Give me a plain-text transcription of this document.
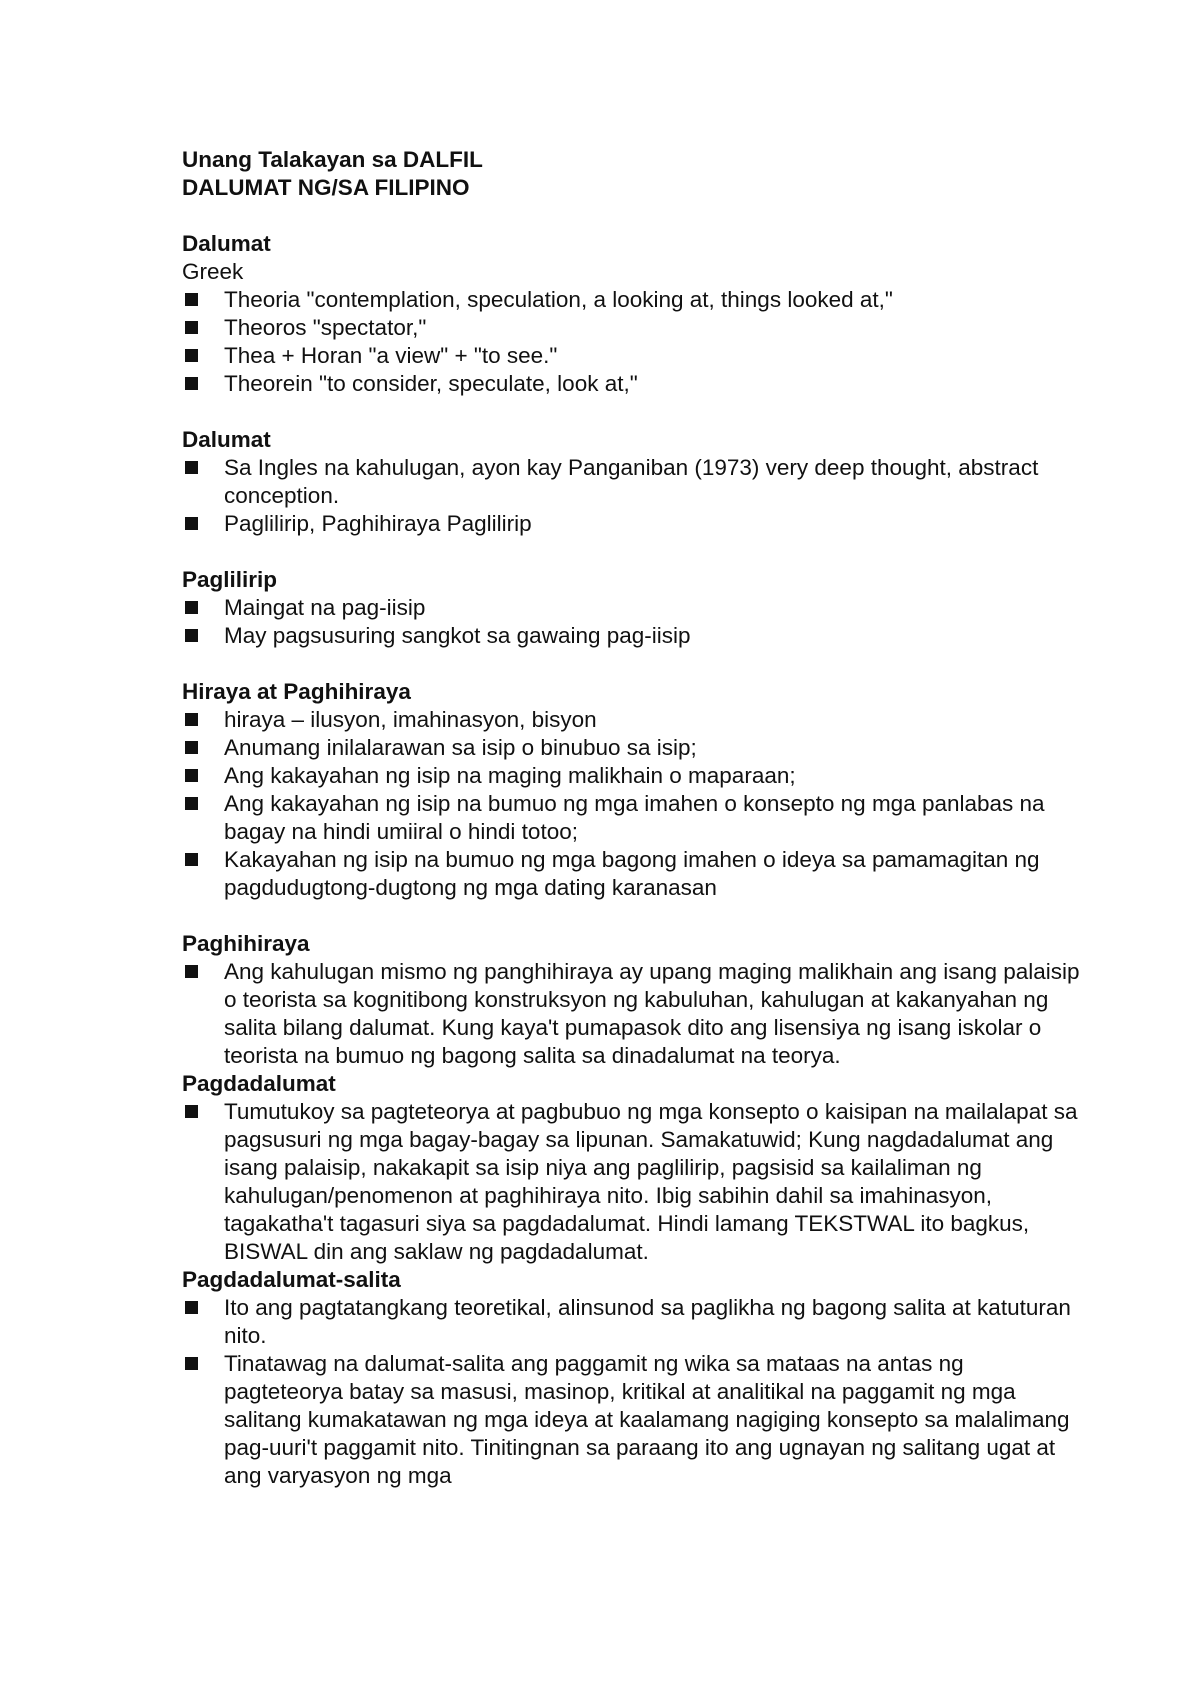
Unang Talakayan sa DALFIL
DALUMAT NG/SA FILIPINO
Dalumat
Greek
Theoria "contemplation, speculation, a looking at, things looked at,"
Theoros "spectator,"
Thea + Horan "a view" + "to see."
Theorein "to consider, speculate, look at,"
Dalumat
Sa Ingles na kahulugan, ayon kay Panganiban (1973) very deep thought, abstract conception.
Paglilirip, Paghihiraya Paglilirip
Paglilirip
Maingat na pag-iisip
May pagsusuring sangkot sa gawaing pag-iisip
Hiraya at Paghihiraya
hiraya – ilusyon, imahinasyon, bisyon
Anumang inilalarawan sa isip o binubuo sa isip;
Ang kakayahan ng isip na maging malikhain o maparaan;
Ang kakayahan ng isip na bumuo ng mga imahen o konsepto ng mga panlabas na bagay na hindi umiiral o hindi totoo;
Kakayahan ng isip na bumuo ng mga bagong imahen o ideya sa pamamagitan ng pagdudugtong-dugtong ng mga dating karanasan
Paghihiraya
Ang kahulugan mismo ng panghihiraya ay upang maging malikhain ang isang palaisip o teorista sa kognitibong konstruksyon ng kabuluhan, kahulugan at kakanyahan ng salita bilang dalumat. Kung kaya't pumapasok dito ang lisensiya ng isang iskolar o teorista na bumuo ng bagong salita sa dinadalumat na teorya.
Pagdadalumat
Tumutukoy sa pagteteorya at pagbubuo ng mga konsepto o kaisipan na mailalapat sa pagsusuri ng mga bagay-bagay sa lipunan. Samakatuwid; Kung nagdadalumat ang isang palaisip, nakakapit sa isip niya ang paglilirip, pagsisid sa kailaliman ng kahulugan/penomenon at paghihiraya nito. Ibig sabihin dahil sa imahinasyon, tagakatha't tagasuri siya sa pagdadalumat. Hindi lamang TEKSTWAL ito bagkus, BISWAL din ang saklaw ng pagdadalumat.
Pagdadalumat-salita
Ito ang pagtatangkang teoretikal, alinsunod sa paglikha ng bagong salita at katuturan nito.
Tinatawag na dalumat-salita ang paggamit ng wika sa mataas na antas ng pagteteorya batay sa masusi, masinop, kritikal at analitikal na paggamit ng mga salitang kumakatawan ng mga ideya at kaalamang nagiging konsepto sa malalimang pag-uuri't paggamit nito. Tinitingnan sa paraang ito ang ugnayan ng salitang ugat at ang varyasyon ng mga
